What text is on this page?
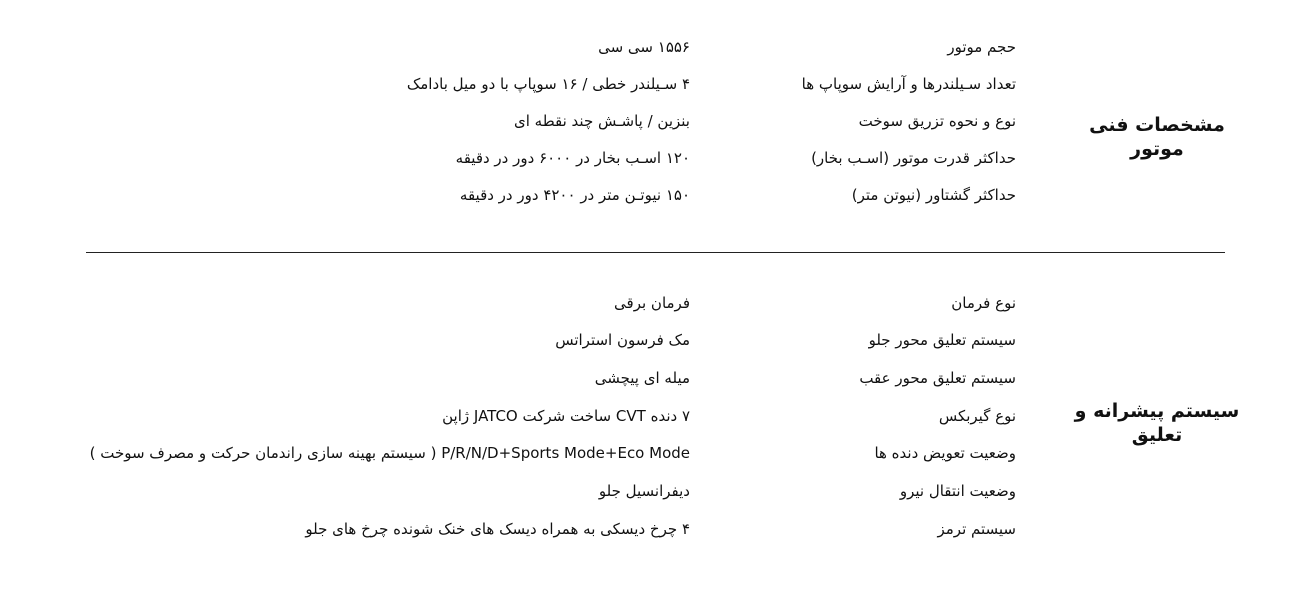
مشخصات فنی موتور
حجم موتور
۱۵۵۶ سی سی
تعداد سـیلندرها و آرایش سوپاپ ها
۴ سـیلندر خطی / ۱۶ سوپاپ با دو میل بادامک
نوع و نحوه تزریق سوخت
بنزین / پاشـش چند نقطه ای
حداکثر قدرت موتور (اسـب بخار)
۱۲۰ اسـب بخار در ۶۰۰۰ دور در دقیقه
حداکثر گشتاور (نیوتن متر)
۱۵۰ نیوتـن متر در ۴۲۰۰ دور در دقیقه
سیستم پیشرانه و تعلیق
نوع فرمان
فرمان برقی
سیستم تعلیق محور جلو
مک فرسون استراتس
سیستم تعلیق محور عقب
میله ای پیچشی
نوع گیربکس
۷ دنده CVT ساخت شرکت JATCO ژاپن
وضعیت تعویض دنده ها
P/R/N/D+Sports Mode+Eco Mode ( سیستم بهینه سازی راندمان حرکت و مصرف سوخت )
وضعیت انتقال نیرو
دیفرانسیل جلو
سیستم ترمز
۴ چرخ دیسکی به همراه دیسک های خنک شونده چرخ های جلو
